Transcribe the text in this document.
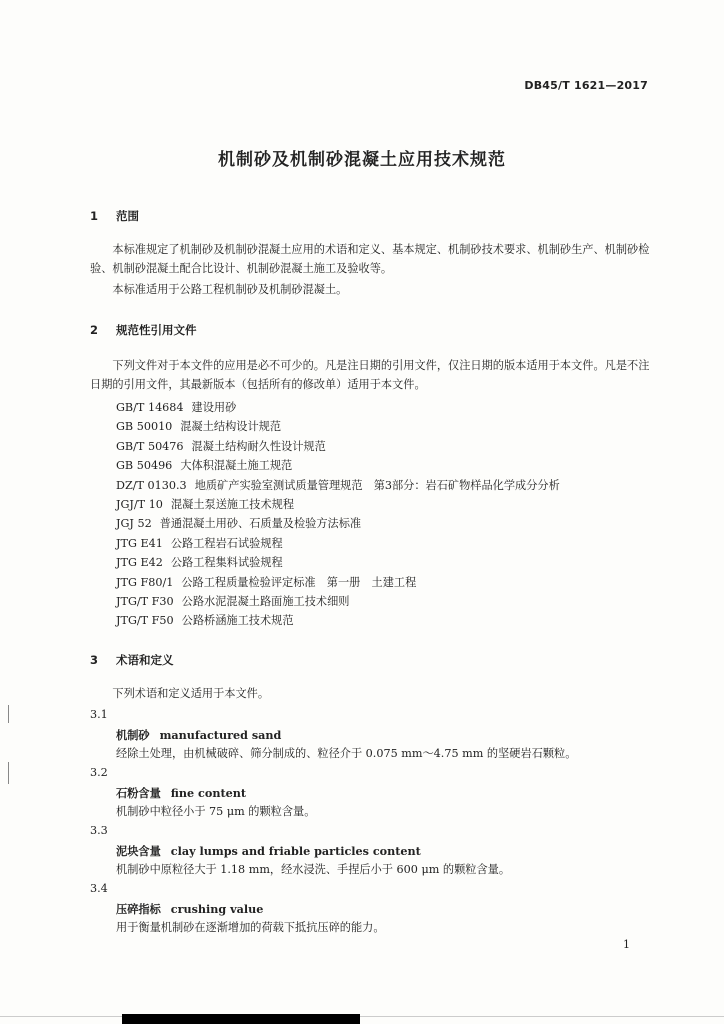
DB45/T 1621—2017
机制砂及机制砂混凝土应用技术规范
1 范围
本标准规定了机制砂及机制砂混凝土应用的术语和定义、基本规定、机制砂技术要求、机制砂生产、机制砂检验、机制砂混凝土配合比设计、机制砂混凝土施工及验收等。
本标准适用于公路工程机制砂及机制砂混凝土。
2 规范性引用文件
下列文件对于本文件的应用是必不可少的。凡是注日期的引用文件，仅注日期的版本适用于本文件。凡是不注日期的引用文件，其最新版本（包括所有的修改单）适用于本文件。
GB/T 14684 建设用砂
GB 50010 混凝土结构设计规范
GB/T 50476 混凝土结构耐久性设计规范
GB 50496 大体积混凝土施工规范
DZ/T 0130.3 地质矿产实验室测试质量管理规范　第3部分：岩石矿物样品化学成分分析
JGJ/T 10 混凝土泵送施工技术规程
JGJ 52 普通混凝土用砂、石质量及检验方法标准
JTG E41 公路工程岩石试验规程
JTG E42 公路工程集料试验规程
JTG F80/1 公路工程质量检验评定标准　第一册　土建工程
JTG/T F30 公路水泥混凝土路面施工技术细则
JTG/T F50 公路桥涵施工技术规范
3 术语和定义
下列术语和定义适用于本文件。
3.1
机制砂 manufactured sand
经除土处理，由机械破碎、筛分制成的、粒径介于 0.075 mm～4.75 mm 的坚硬岩石颗粒。
3.2
石粉含量 fine content
机制砂中粒径小于 75 μm 的颗粒含量。
3.3
泥块含量 clay lumps and friable particles content
机制砂中原粒径大于 1.18 mm，经水浸洗、手捏后小于 600 μm 的颗粒含量。
3.4
压碎指标 crushing value
用于衡量机制砂在逐渐增加的荷载下抵抗压碎的能力。
1
